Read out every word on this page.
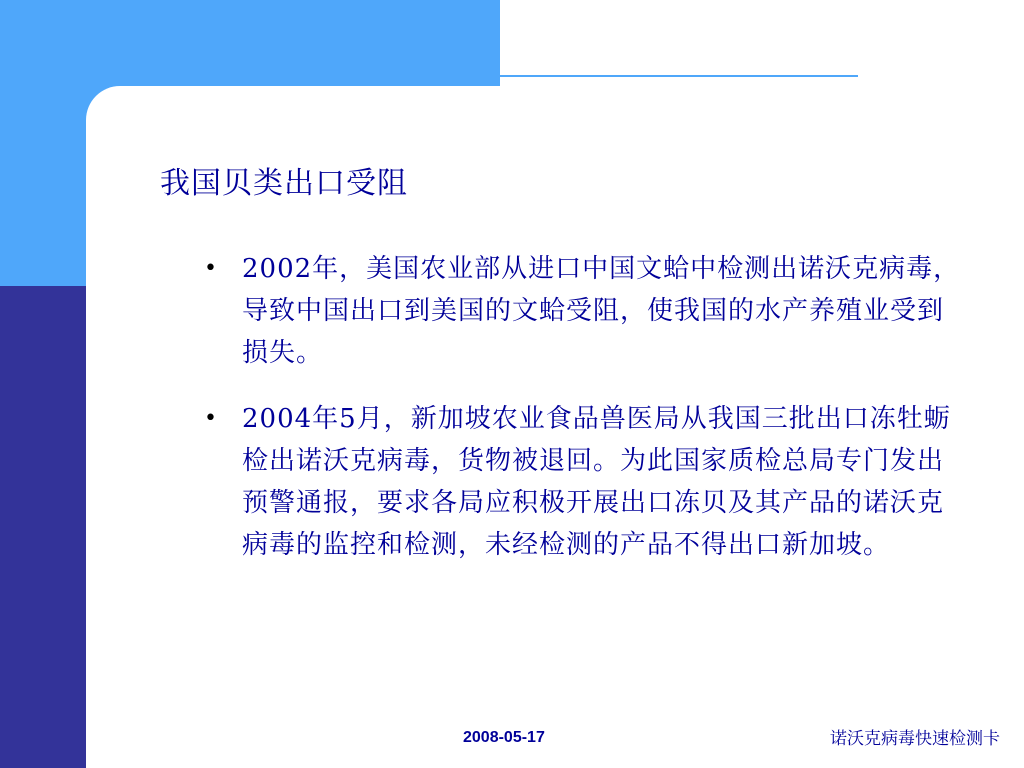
我国贝类出口受阻
• 2002年，美国农业部从进口中国文蛤中检测出诺沃克病毒，导致中国出口到美国的文蛤受阻，使我国的水产养殖业受到损失。
• 2004年5月，新加坡农业食品兽医局从我国三批出口冻牡蛎检出诺沃克病毒，货物被退回。为此国家质检总局专门发出预警通报，要求各局应积极开展出口冻贝及其产品的诺沃克病毒的监控和检测，未经检测的产品不得出口新加坡。
2008-05-17	诺沃克病毒快速检测卡
